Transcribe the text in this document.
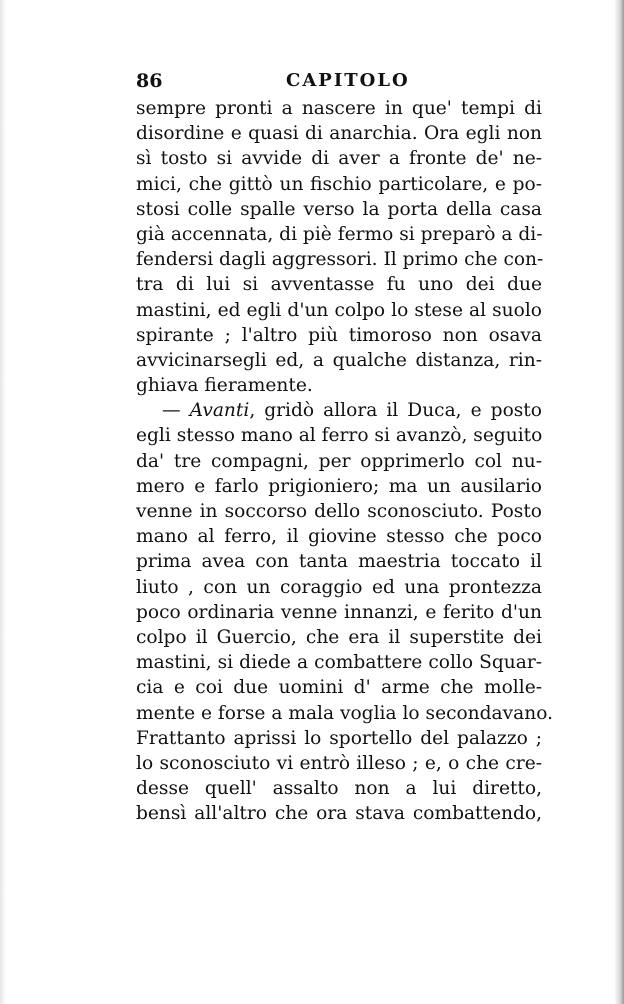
86	CAPITOLO
sempre pronti a nascere in que' tempi di
disordine e quasi di anarchia. Ora egli non
sì tosto si avvide di aver a fronte de' ne-
mici, che gittò un fischio particolare, e po-
stosi colle spalle verso la porta della casa
già accennata, di piè fermo si preparò a di-
fendersi dagli aggressori. Il primo che con-
tra di lui si avventasse fu uno dei due
mastini, ed egli d'un colpo lo stese al suolo
spirante ; l'altro più timoroso non osava
avvicinarsegli ed, a qualche distanza, rin-
ghiava fieramente.
— Avanti, gridò allora il Duca, e posto
egli stesso mano al ferro si avanzò, seguito
da' tre compagni, per opprimerlo col nu-
mero e farlo prigioniero; ma un ausilario
venne in soccorso dello sconosciuto. Posto
mano al ferro, il giovine stesso che poco
prima avea con tanta maestria toccato il
liuto , con un coraggio ed una prontezza
poco ordinaria venne innanzi, e ferito d'un
colpo il Guercio, che era il superstite dei
mastini, si diede a combattere collo Squar-
cia e coi due uomini d' arme che molle-
mente e forse a mala voglia lo secondavano.
Frattanto aprissi lo sportello del palazzo ;
lo sconosciuto vi entrò illeso ; e, o che cre-
desse quell' assalto non a lui diretto,
bensì all'altro che ora stava combattendo,
